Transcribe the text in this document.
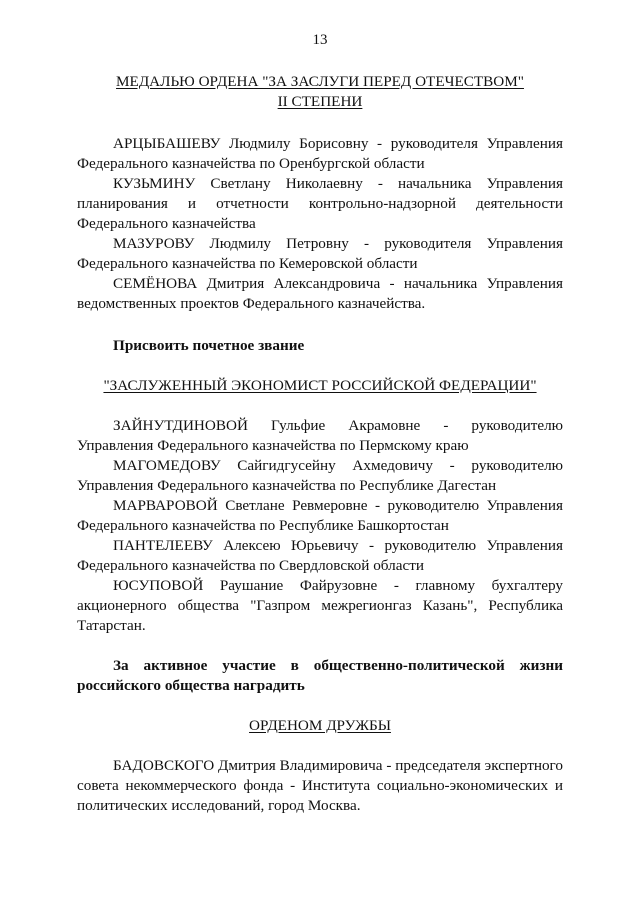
13

МЕДАЛЬЮ ОРДЕНА "ЗА ЗАСЛУГИ ПЕРЕД ОТЕЧЕСТВОМ"
II СТЕПЕНИ

АРЦЫБАШЕВУ Людмилу Борисовну - руководителя Управления Федерального казначейства по Оренбургской области

КУЗЬМИНУ Светлану Николаевну - начальника Управления планирования и отчетности контрольно-надзорной деятельности Федерального казначейства

МАЗУРОВУ Людмилу Петровну - руководителя Управления Федерального казначейства по Кемеровской области

СЕМЁНОВА Дмитрия Александровича - начальника Управления ведомственных проектов Федерального казначейства.

Присвоить почетное звание

"ЗАСЛУЖЕННЫЙ ЭКОНОМИСТ РОССИЙСКОЙ ФЕДЕРАЦИИ"

ЗАЙНУТДИНОВОЙ Гульфие Акрамовне - руководителю Управления Федерального казначейства по Пермскому краю

МАГОМЕДОВУ Сайгидгусейну Ахмедовичу - руководителю Управления Федерального казначейства по Республике Дагестан

МАРВАРОВОЙ Светлане Ревмеровне - руководителю Управления Федерального казначейства по Республике Башкортостан

ПАНТЕЛЕЕВУ Алексею Юрьевичу - руководителю Управления Федерального казначейства по Свердловской области

ЮСУПОВОЙ Раушание Файрузовне - главному бухгалтеру акционерного общества "Газпром межрегионгаз Казань", Республика Татарстан.

За активное участие в общественно-политической жизни российского общества наградить

ОРДЕНОМ ДРУЖБЫ

БАДОВСКОГО Дмитрия Владимировича - председателя экспертного совета некоммерческого фонда - Института социально-экономических и политических исследований, город Москва.
